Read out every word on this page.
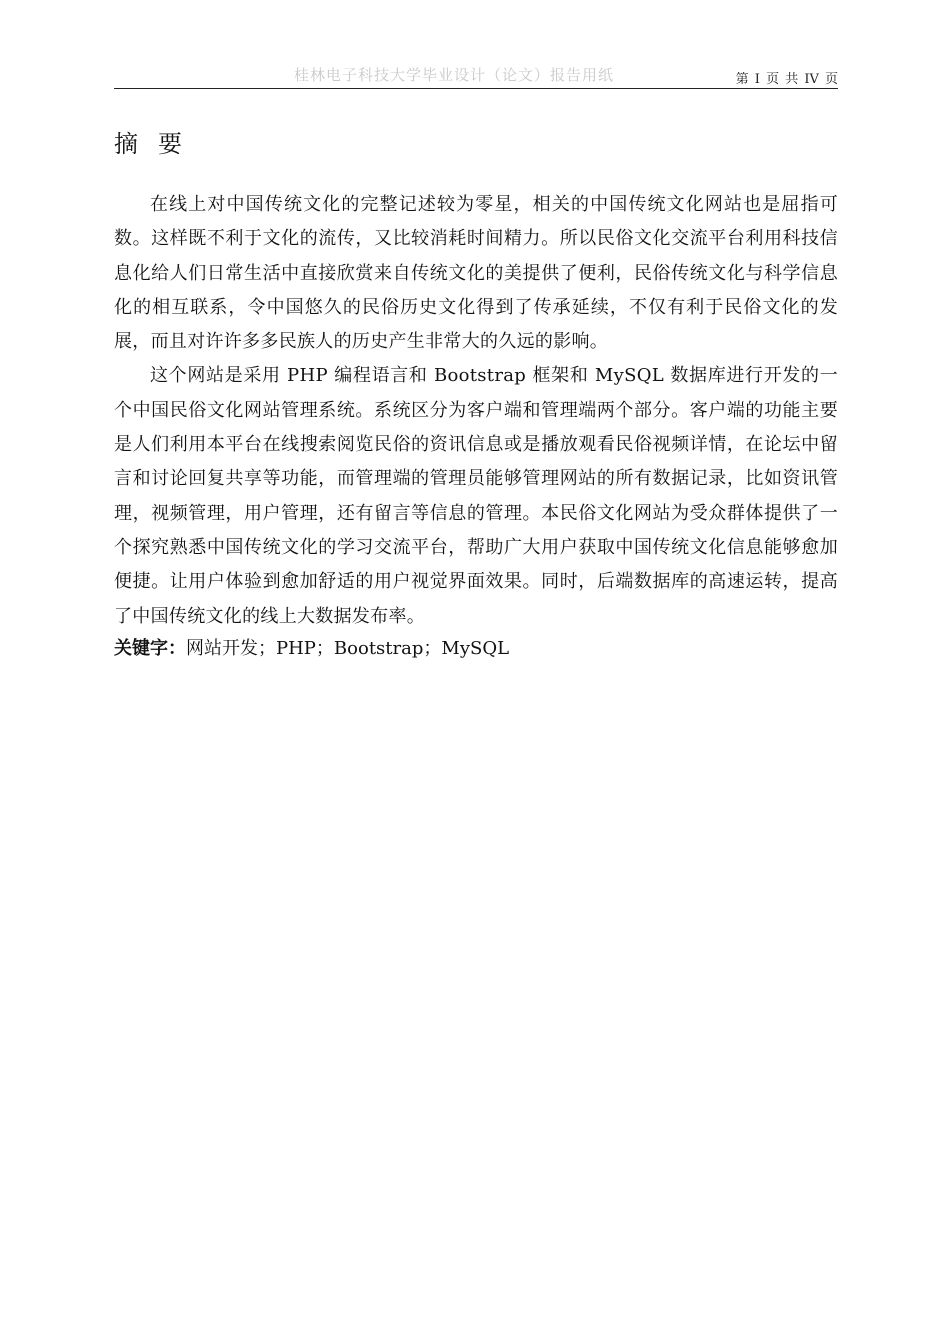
桂林电子科技大学毕业设计（论文）报告用纸	第 I 页 共 IV 页
摘要

在线上对中国传统文化的完整记述较为零星，相关的中国传统文化网站也是屈指可数。这样既不利于文化的流传，又比较消耗时间精力。所以民俗文化交流平台利用科技信息化给人们日常生活中直接欣赏来自传统文化的美提供了便利，民俗传统文化与科学信息化的相互联系，令中国悠久的民俗历史文化得到了传承延续，不仅有利于民俗文化的发展，而且对许许多多民族人的历史产生非常大的久远的影响。

这个网站是采用 PHP 编程语言和 Bootstrap 框架和 MySQL 数据库进行开发的一个中国民俗文化网站管理系统。系统区分为客户端和管理端两个部分。客户端的功能主要是人们利用本平台在线搜索阅览民俗的资讯信息或是播放观看民俗视频详情，在论坛中留言和讨论回复共享等功能，而管理端的管理员能够管理网站的所有数据记录，比如资讯管理，视频管理，用户管理，还有留言等信息的管理。本民俗文化网站为受众群体提供了一个探究熟悉中国传统文化的学习交流平台，帮助广大用户获取中国传统文化信息能够愈加便捷。让用户体验到愈加舒适的用户视觉界面效果。同时，后端数据库的高速运转，提高了中国传统文化的线上大数据发布率。

关键字：网站开发；PHP；Bootstrap；MySQL
